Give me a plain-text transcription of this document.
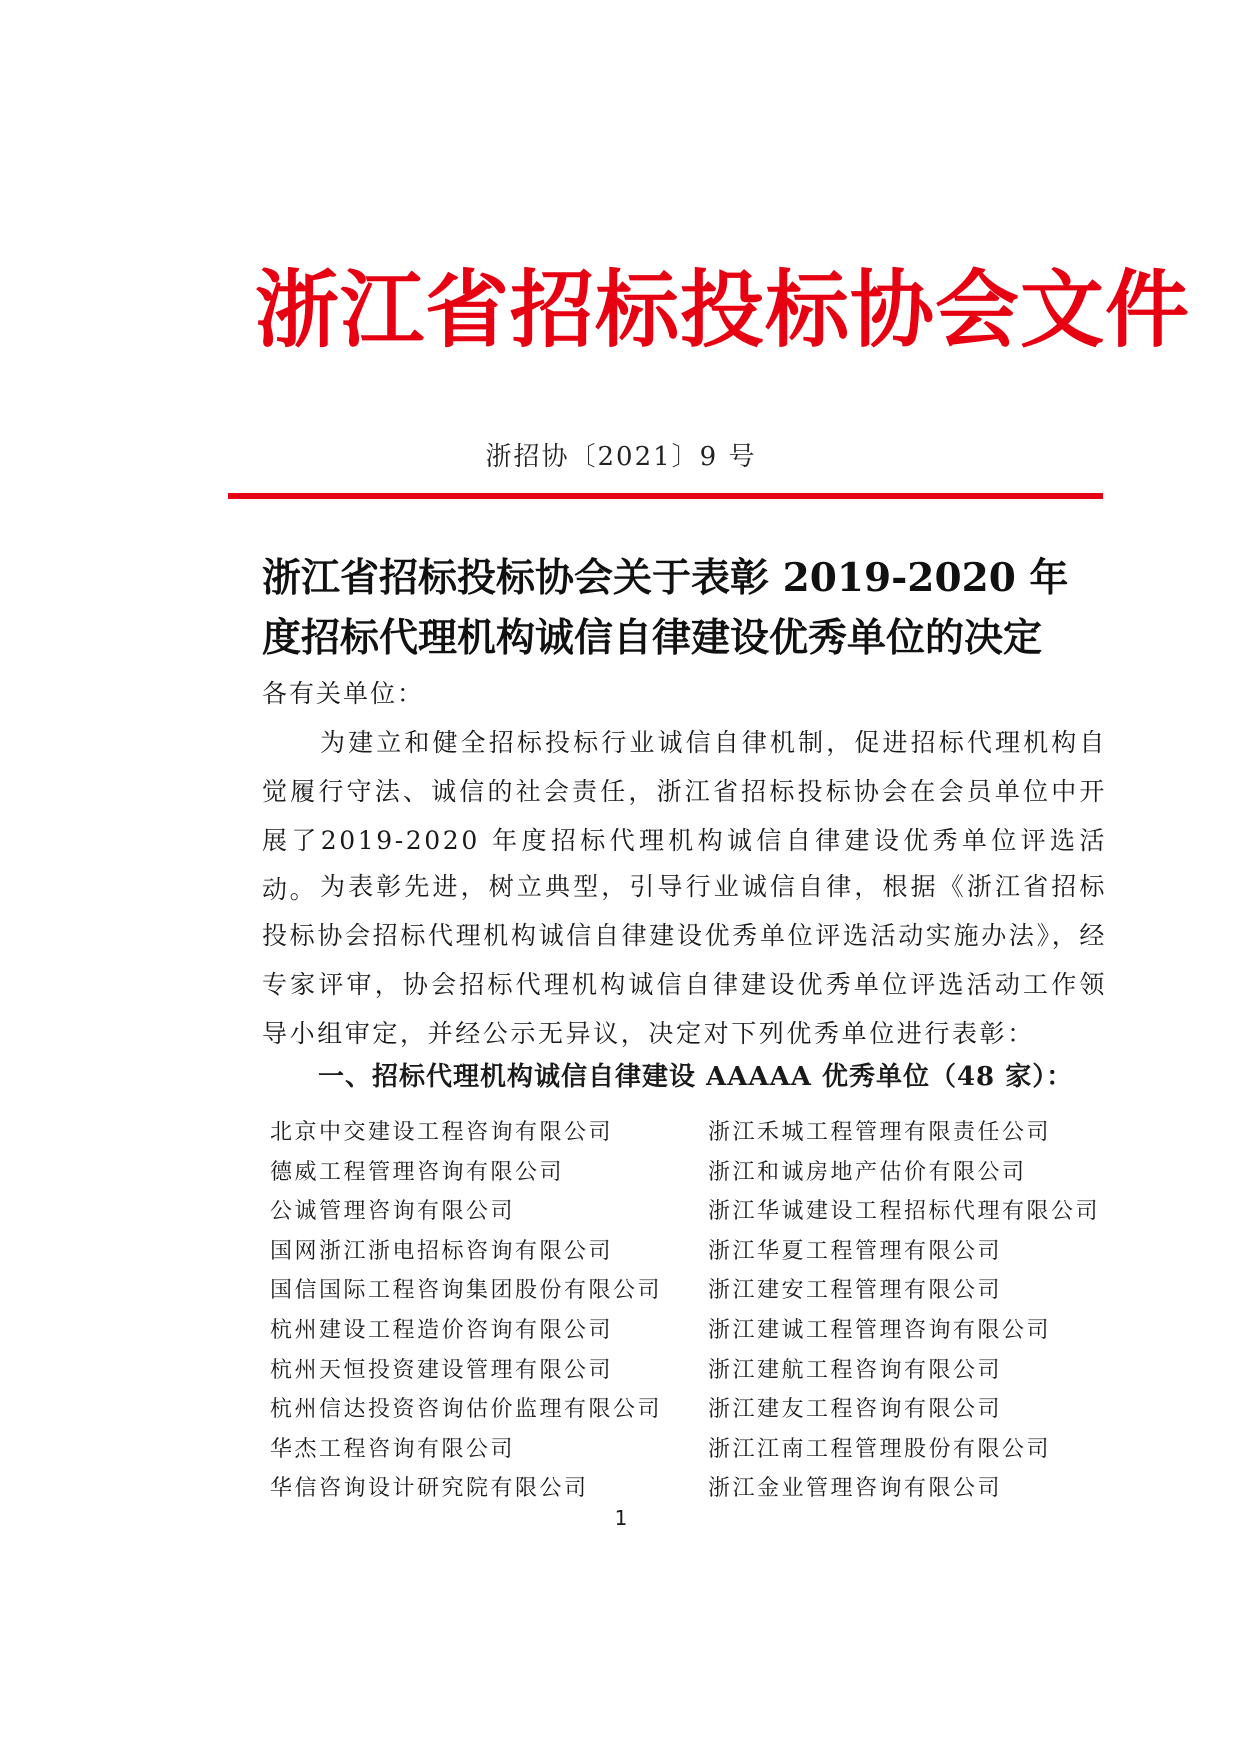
浙江省招标投标协会文件
浙招协〔2021〕9 号
浙江省招标投标协会关于表彰 2019-2020 年
度招标代理机构诚信自律建设优秀单位的决定
各有关单位：
为建立和健全招标投标行业诚信自律机制，促进招标代理机构自觉履行守法、诚信的社会责任，浙江省招标投标协会在会员单位中开展了2019-2020 年度招标代理机构诚信自律建设优秀单位评选活动。 为表彰先进，树立典型，引导行业诚信自律，根据《浙江省招标投标协会招标代理机构诚信自律建设优秀单位评选活动实施办法》，经专家评审，协会招标代理机构诚信自律建设优秀单位评选活动工作领导小组审定，并经公示无异议，决定对下列优秀单位进行表彰：
一、招标代理机构诚信自律建设 AAAAA 优秀单位（48 家）：
北京中交建设工程咨询有限公司
德威工程管理咨询有限公司
公诚管理咨询有限公司
国网浙江浙电招标咨询有限公司
国信国际工程咨询集团股份有限公司
杭州建设工程造价咨询有限公司
杭州天恒投资建设管理有限公司
杭州信达投资咨询估价监理有限公司
华杰工程咨询有限公司
华信咨询设计研究院有限公司
浙江禾城工程管理有限责任公司
浙江和诚房地产估价有限公司
浙江华诚建设工程招标代理有限公司
浙江华夏工程管理有限公司
浙江建安工程管理有限公司
浙江建诚工程管理咨询有限公司
浙江建航工程咨询有限公司
浙江建友工程咨询有限公司
浙江江南工程管理股份有限公司
浙江金业管理咨询有限公司
1
